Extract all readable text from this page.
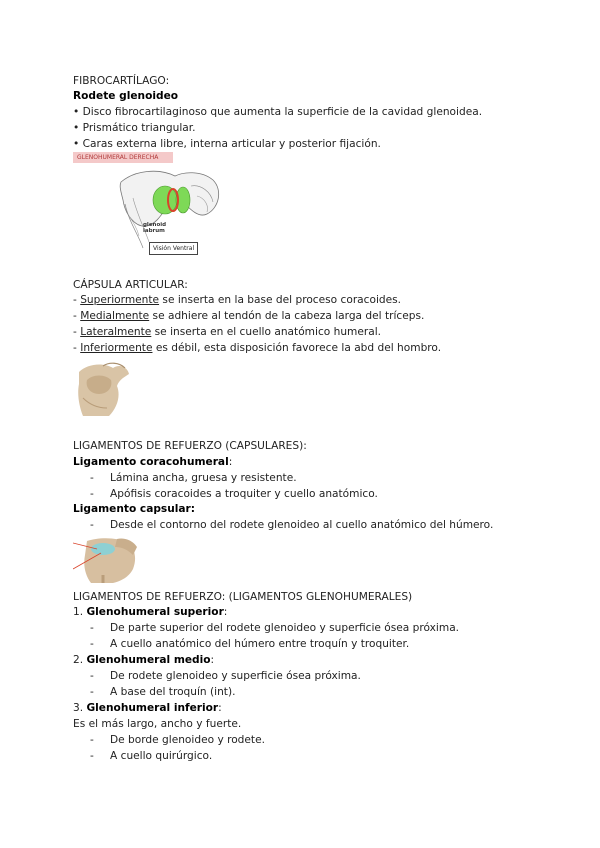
FIBROCARTÍLAGO:
Rodete glenoideo
• Disco fibrocartilaginoso que aumenta la superficie de la cavidad glenoidea.
• Prismático triangular.
• Caras externa libre, interna articular y posterior fijación.
GLENOHUMERAL DERECHA
glenoid
labrum
Visión Ventral
CÁPSULA ARTICULAR:
- Superiormente se inserta en la base del proceso coracoides.
- Medialmente se adhiere al tendón de la cabeza larga del tríceps.
- Lateralmente se inserta en el cuello anatómico humeral.
- Inferiormente es débil, esta disposición favorece la abd del hombro.
LIGAMENTOS DE REFUERZO (CAPSULARES):
Ligamento coracohumeral:
- Lámina ancha, gruesa y resistente.
- Apófisis coracoides a troquiter y cuello anatómico.
Ligamento capsular:
- Desde el contorno del rodete glenoideo al cuello anatómico del húmero.
LIGAMENTOS DE REFUERZO: (LIGAMENTOS GLENOHUMERALES)
1. Glenohumeral superior:
- De parte superior del rodete glenoideo y superficie ósea próxima.
- A cuello anatómico del húmero entre troquín y troquiter.
2. Glenohumeral medio:
- De rodete glenoideo y superficie ósea próxima.
- A base del troquín (int).
3. Glenohumeral inferior:
Es el más largo, ancho y fuerte.
- De borde glenoideo y rodete.
- A cuello quirúrgico.
